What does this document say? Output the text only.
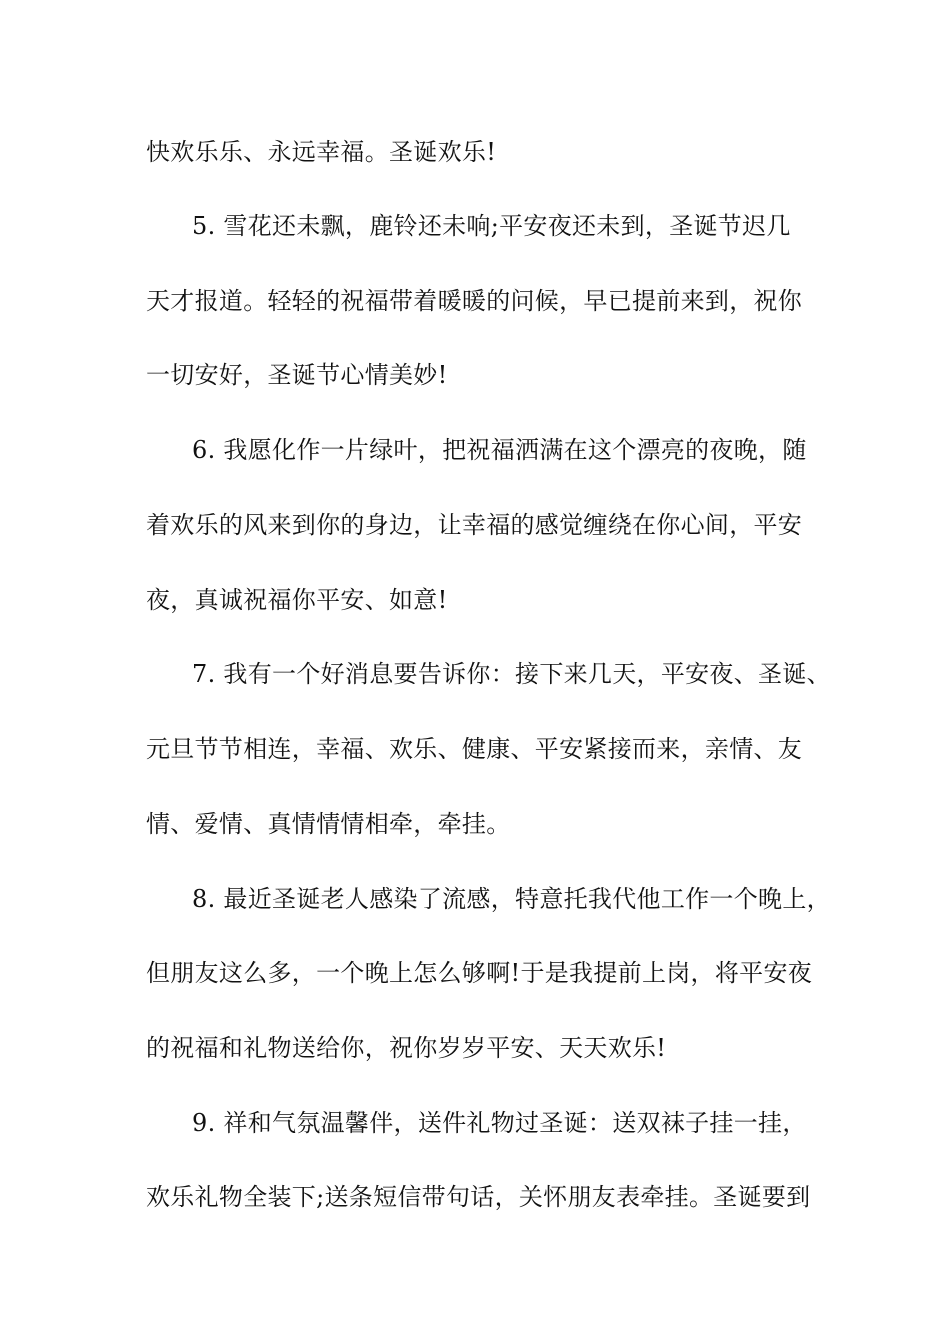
快欢乐乐、永远幸福。圣诞欢乐!
5. 雪花还未飘，鹿铃还未响;平安夜还未到，圣诞节迟几
天才报道。轻轻的祝福带着暖暖的问候，早已提前来到，祝你
一切安好，圣诞节心情美妙!
6. 我愿化作一片绿叶，把祝福洒满在这个漂亮的夜晚，随
着欢乐的风来到你的身边，让幸福的感觉缠绕在你心间，平安
夜，真诚祝福你平安、如意!
7. 我有一个好消息要告诉你：接下来几天，平安夜、圣诞、
元旦节节相连，幸福、欢乐、健康、平安紧接而来，亲情、友
情、爱情、真情情情相牵，牵挂。
8. 最近圣诞老人感染了流感，特意托我代他工作一个晚上，
但朋友这么多，一个晚上怎么够啊!于是我提前上岗，将平安夜
的祝福和礼物送给你，祝你岁岁平安、天天欢乐!
9. 祥和气氛温馨伴，送件礼物过圣诞：送双袜子挂一挂，
欢乐礼物全装下;送条短信带句话，关怀朋友表牵挂。圣诞要到
